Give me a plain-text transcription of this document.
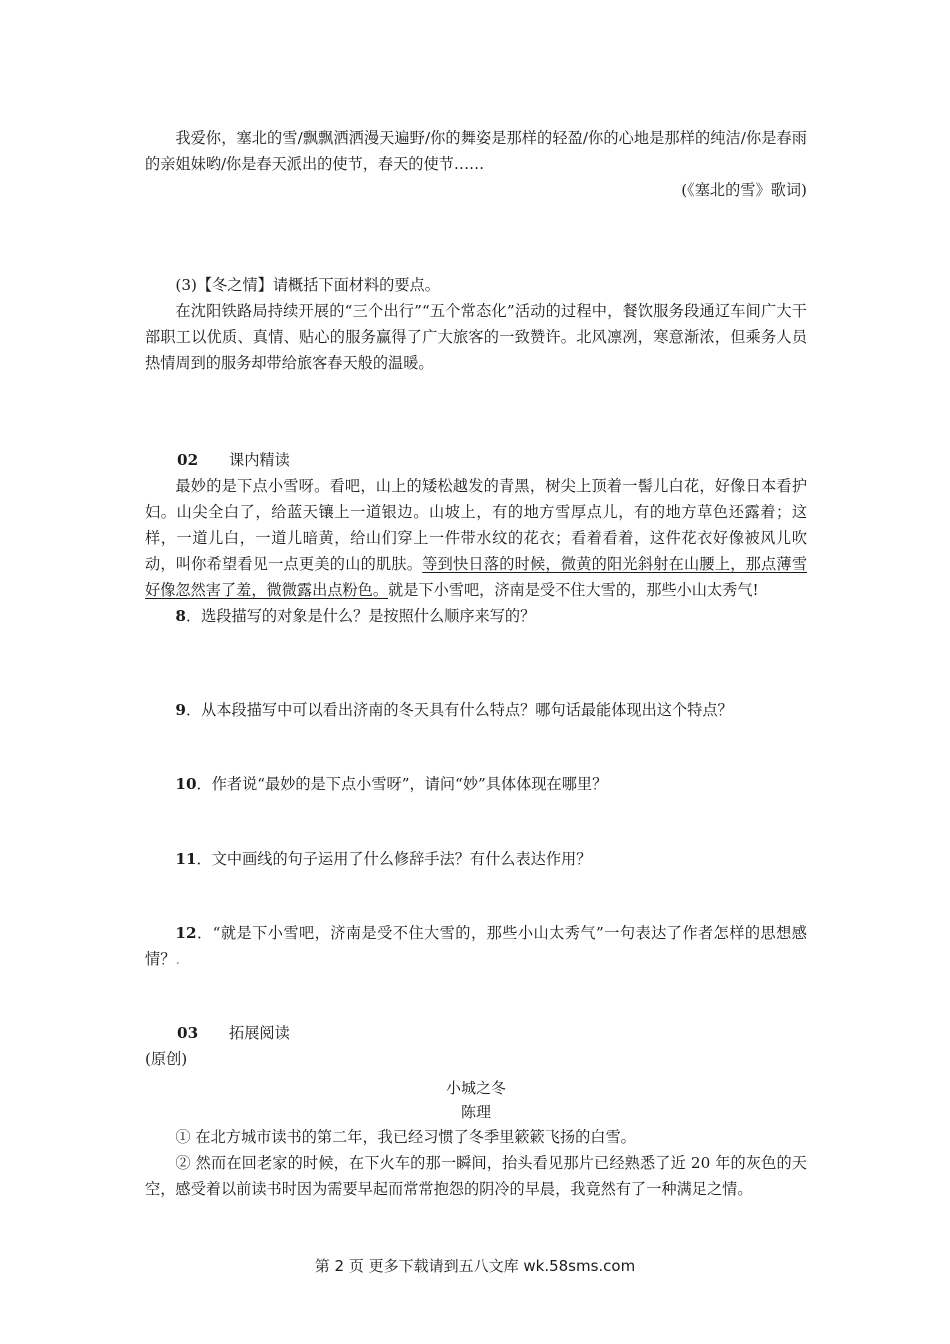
我爱你，塞北的雪/飘飘洒洒漫天遍野/你的舞姿是那样的轻盈/你的心地是那样的纯洁/你是春雨的亲姐妹哟/你是春天派出的使节，春天的使节……

(《塞北的雪》歌词)

(3)【冬之情】请概括下面材料的要点。

在沈阳铁路局持续开展的“三个出行”“五个常态化”活动的过程中，餐饮服务段通辽车间广大干部职工以优质、真情、贴心的服务赢得了广大旅客的一致赞许。北风凛冽，寒意渐浓，但乘务人员热情周到的服务却带给旅客春天般的温暖。

02 课内精读

最妙的是下点小雪呀。看吧，山上的矮松越发的青黑，树尖上顶着一髻儿白花，好像日本看护妇。山尖全白了，给蓝天镶上一道银边。山坡上，有的地方雪厚点儿，有的地方草色还露着；这样，一道儿白，一道儿暗黄，给山们穿上一件带水纹的花衣；看着看着，这件花衣好像被风儿吹动，叫你希望看见一点更美的山的肌肤。等到快日落的时候，微黄的阳光斜射在山腰上，那点薄雪好像忽然害了羞，微微露出点粉色。就是下小雪吧，济南是受不住大雪的，那些小山太秀气!

8．选段描写的对象是什么？是按照什么顺序来写的？

9．从本段描写中可以看出济南的冬天具有什么特点？哪句话最能体现出这个特点？

10．作者说“最妙的是下点小雪呀”，请问“妙”具体体现在哪里？

11．文中画线的句子运用了什么修辞手法？有什么表达作用？

12．“就是下小雪吧，济南是受不住大雪的，那些小山太秀气”一句表达了作者怎样的思想感情？.

03 拓展阅读

(原创)

小城之冬

陈理

① 在北方城市读书的第二年，我已经习惯了冬季里簌簌飞扬的白雪。

② 然而在回老家的时候，在下火车的那一瞬间，抬头看见那片已经熟悉了近 20 年的灰色的天空，感受着以前读书时因为需要早起而常常抱怨的阴冷的早晨，我竟然有了一种满足之情。

第 2 页 更多下载请到五八文库 wk.58sms.com
